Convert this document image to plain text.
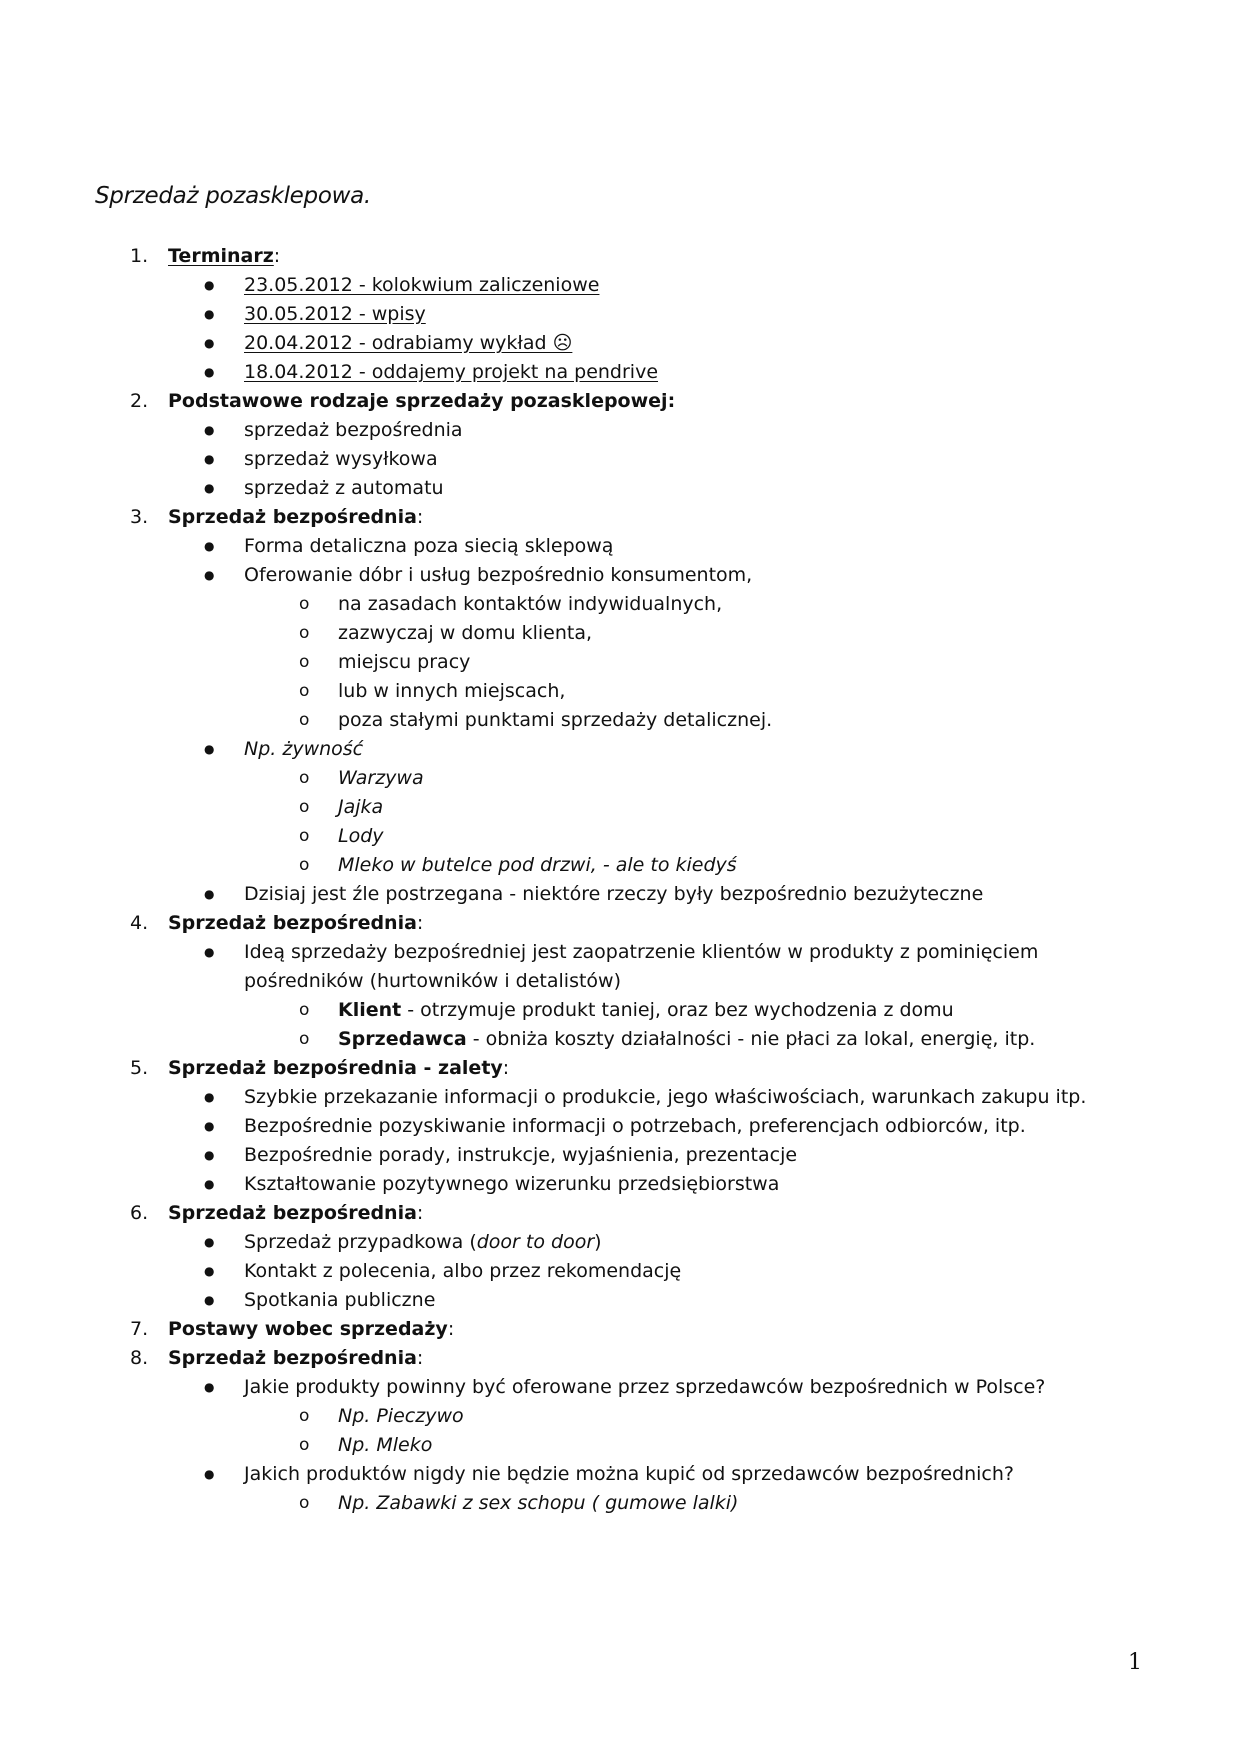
Sprzedaż pozasklepowa.
1.	Terminarz:
● 23.05.2012 - kolokwium zaliczeniowe
● 30.05.2012 - wpisy
● 20.04.2012 - odrabiamy wykład ☹
● 18.04.2012 - oddajemy projekt na pendrive
2.	Podstawowe rodzaje sprzedaży pozasklepowej:
● sprzedaż bezpośrednia
● sprzedaż wysyłkowa
● sprzedaż z automatu
3.	Sprzedaż bezpośrednia:
● Forma detaliczna poza siecią sklepową
● Oferowanie dóbr i usług bezpośrednio konsumentom,
o na zasadach kontaktów indywidualnych,
o zazwyczaj w domu klienta,
o miejscu pracy
o lub w innych miejscach,
o poza stałymi punktami sprzedaży detalicznej.
● Np. żywność
o Warzywa
o Jajka
o Lody
o Mleko w butelce pod drzwi, - ale to kiedyś
● Dzisiaj jest źle postrzegana - niektóre rzeczy były bezpośrednio bezużyteczne
4.	Sprzedaż bezpośrednia:
● Ideą sprzedaży bezpośredniej jest zaopatrzenie klientów w produkty z pominięciem pośredników (hurtowników i detalistów)
o Klient - otrzymuje produkt taniej, oraz bez wychodzenia z domu
o Sprzedawca - obniża koszty działalności - nie płaci za lokal, energię, itp.
5.	Sprzedaż bezpośrednia - zalety:
● Szybkie przekazanie informacji o produkcie, jego właściwościach, warunkach zakupu itp.
● Bezpośrednie pozyskiwanie informacji o potrzebach, preferencjach odbiorców, itp.
● Bezpośrednie porady, instrukcje, wyjaśnienia, prezentacje
● Kształtowanie pozytywnego wizerunku przedsiębiorstwa
6.	Sprzedaż bezpośrednia:
● Sprzedaż przypadkowa (door to door)
● Kontakt z polecenia, albo przez rekomendację
● Spotkania publiczne
7.	Postawy wobec sprzedaży:
8.	Sprzedaż bezpośrednia:
● Jakie produkty powinny być oferowane przez sprzedawców bezpośrednich w Polsce?
o Np. Pieczywo
o Np. Mleko
● Jakich produktów nigdy nie będzie można kupić od sprzedawców bezpośrednich?
o Np. Zabawki z sex schopu ( gumowe lalki)

1
